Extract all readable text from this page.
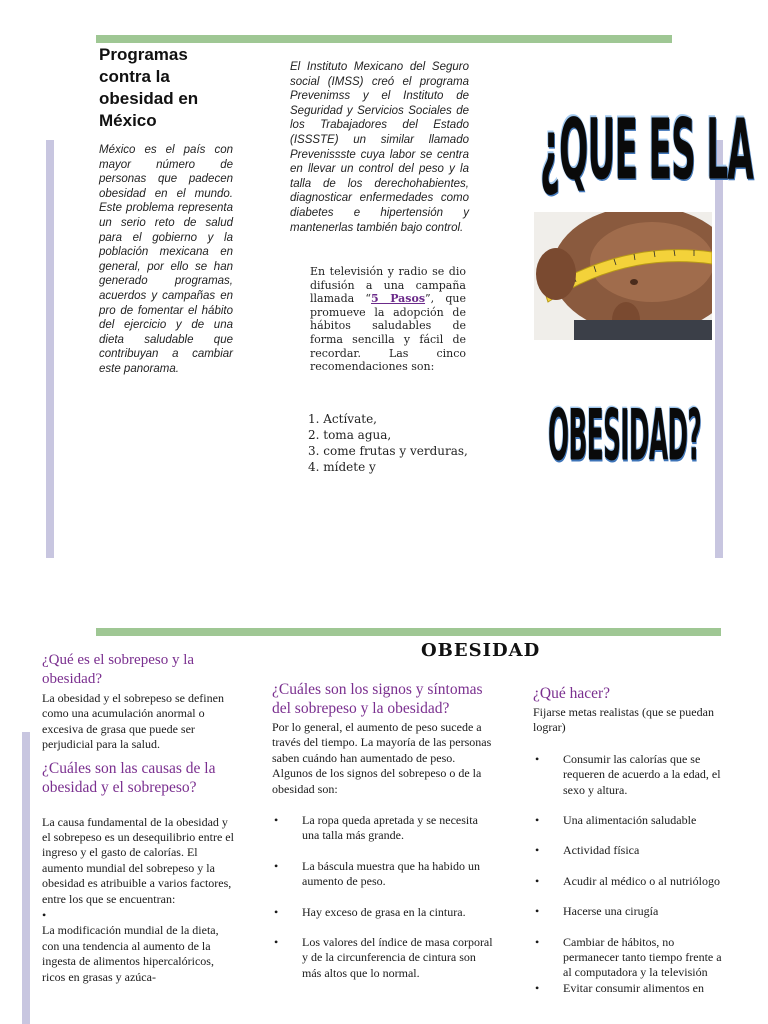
Programas contra la obesidad en México
México es el país con mayor número de personas que padecen obesidad en el mundo. Este problema representa un serio reto de salud para el gobierno y la población mexicana en general, por ello se han generado programas, acuerdos y campañas en pro de fomentar el hábito del ejercicio y de una dieta saludable que contribuyan a cambiar este panorama.
El Instituto Mexicano del Seguro social (IMSS) creó el programa Prevenimss y el Instituto de Seguridad y Servicios Sociales de los Trabajadores del Estado (ISSSTE) un similar llamado Prevenissste cuya labor se centra en llevar un control del peso y la talla de los derechohabientes, diagnosticar enfermedades como diabetes e hipertensión y mantenerlas también bajo control.
En televisión y radio se dio difusión a una campaña llamada “5 Pasos”, que promueve la adopción de hábitos saludables de forma sencilla y fácil de recordar. Las cinco recomendaciones son:
1. Actívate,
2. toma agua,
3. come frutas y verduras,
4. mídete y
¿QUE ES LA
OBESIDAD?
OBESIDAD
¿Qué es el sobrepeso y la obesidad?
La obesidad y el sobrepeso se definen como una acumulación anormal o excesiva de grasa que puede ser perjudicial para la salud.
¿Cuáles son las causas de la obesidad y el sobrepeso?
La causa fundamental de la obesidad y el sobrepeso es un desequilibrio entre el ingreso y el gasto de calorías. El aumento mundial del sobrepeso y la obesidad es atribuible a varios factores, entre los que se encuentran:
•
La modificación mundial de la dieta, con una tendencia al aumento de la ingesta de alimentos hipercalóricos, ricos en grasas y azúca-
¿Cuáles son los signos y síntomas del sobrepeso y la obesidad?
Por lo general, el aumento de peso sucede a través del tiempo. La mayoría de las personas saben cuándo han aumentado de peso. Algunos de los signos del sobrepeso o de la obesidad son:
• La ropa queda apretada y se necesita una talla más grande.
• La báscula muestra que ha habido un aumento de peso.
• Hay exceso de grasa en la cintura.
• Los valores del índice de masa corporal y de la circunferencia de cintura son más altos que lo normal.
¿Qué hacer?
Fijarse metas realistas (que se puedan lograr)
• Consumir las calorías que se requeren de acuerdo a la edad, el sexo y altura.
• Una alimentación saludable
• Actividad física
• Acudir al médico o al nutriólogo
• Hacerse una cirugía
• Cambiar de hábitos, no permanecer tanto tiempo frente a al computadora y la televisión
• Evitar consumir alimentos en
